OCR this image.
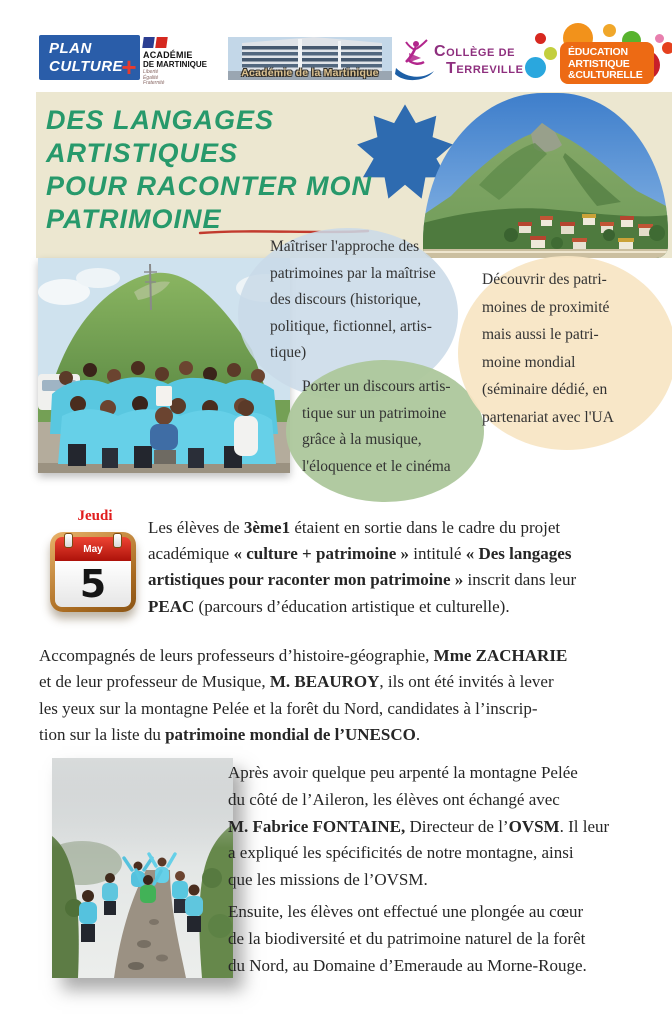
PLAN
CULTURE
+ ACADÉMIE
DE MARTINIQUE
Liberté
Égalité
Fraternité
Académie de la Martinique
COLLÈGE DE
TERREVILLE
ÉDUCATION
ARTISTIQUE
&CULTURELLE
DES LANGAGES
ARTISTIQUES
POUR RACONTER MON
PATRIMOINE
Maîtriser l'approche des
patrimoines par la maîtrise
des discours (historique,
politique, fictionnel, artis-
tique)
Porter un discours artis-
tique sur un patrimoine
grâce à la musique,
l'éloquence et le cinéma
Découvrir des patri-
moines de proximité
mais aussi le patri-
moine mondial
(séminaire dédié, en
partenariat avec l'UA
Jeudi
May
5
Les élèves de 3ème1 étaient en sortie dans le cadre du projet
académique « culture + patrimoine » intitulé « Des langages
artistiques pour raconter mon patrimoine » inscrit dans leur
PEAC (parcours d’éducation artistique et culturelle).
Accompagnés de leurs professeurs d’histoire-géographie, Mme ZACHARIE
et de leur professeur de Musique, M. BEAUROY, ils ont été invités à lever
les yeux sur la montagne Pelée et la forêt du Nord, candidates à l’inscrip-
tion sur la liste du patrimoine mondial de l’UNESCO.
Après avoir quelque peu arpenté la montagne Pelée
du côté de l’Aileron, les élèves ont échangé avec
M. Fabrice FONTAINE, Directeur de l’OVSM. Il leur
a expliqué les spécificités de notre montagne, ainsi
que les missions de l’OVSM.
Ensuite, les élèves ont effectué une plongée au cœur
de la biodiversité et du patrimoine naturel de la forêt
du Nord, au Domaine d’Emeraude au Morne-Rouge.
